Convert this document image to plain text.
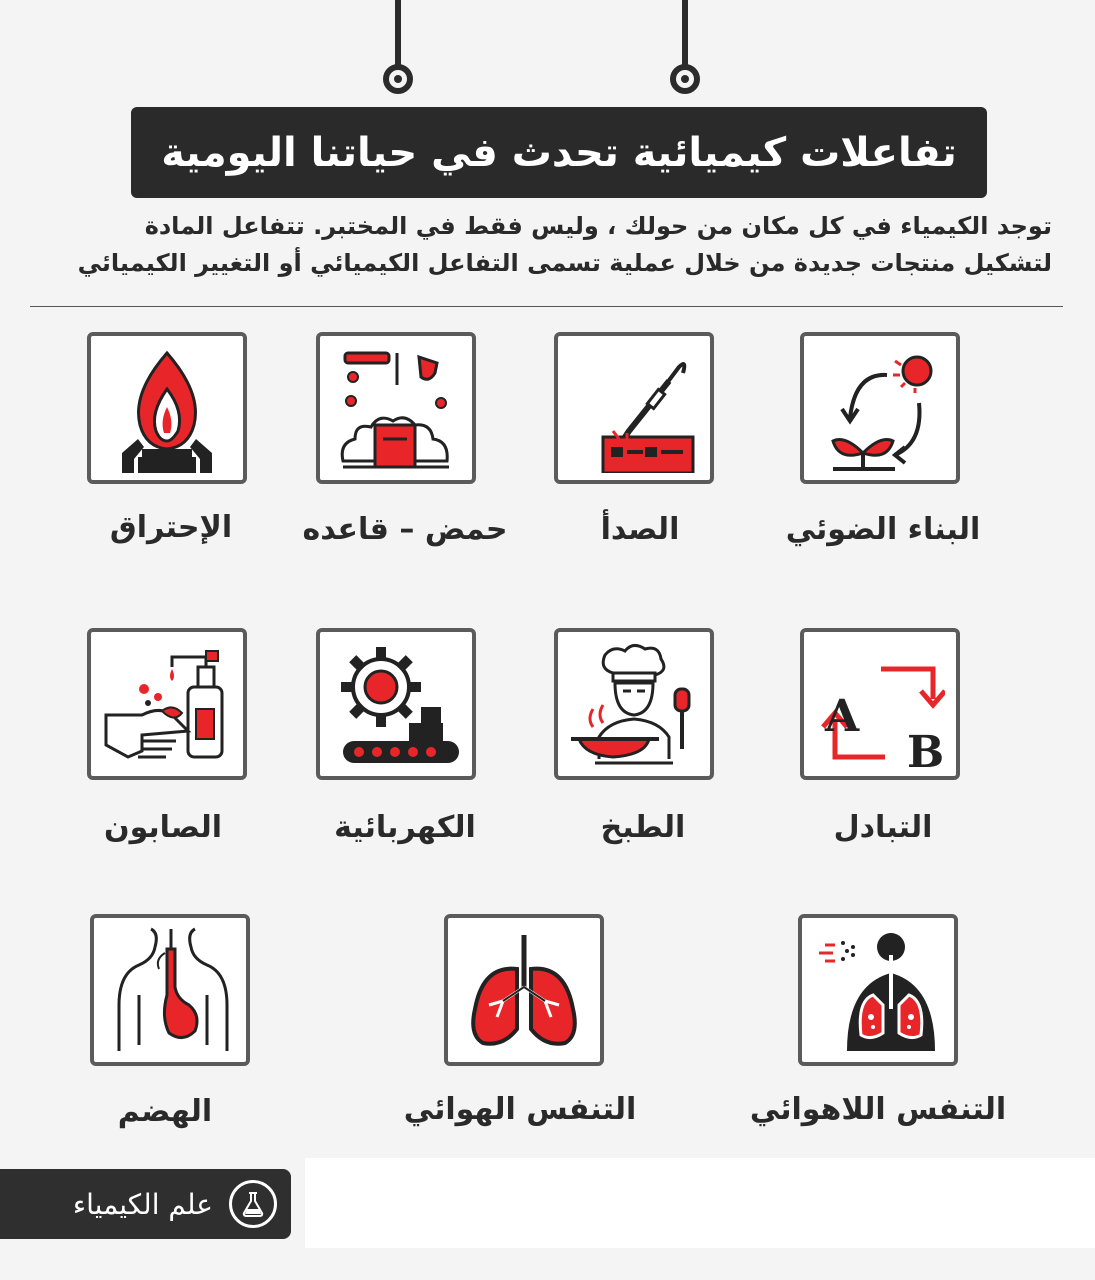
تفاعلات كيميائية تحدث في حياتنا اليومية
توجد الكيمياء في كل مكان من حولك ، وليس فقط في المختبر. تتفاعل المادة
لتشكيل منتجات جديدة من خلال عملية تسمى التفاعل الكيميائي أو التغيير الكيميائي
البناء الضوئي
الصدأ
حمض – قاعده
الإحتراق
A
B
التبادل
الطبخ
الكهربائية
الصابون
التنفس اللاهوائي
التنفس الهوائي
الهضم
علم الكيمياء
